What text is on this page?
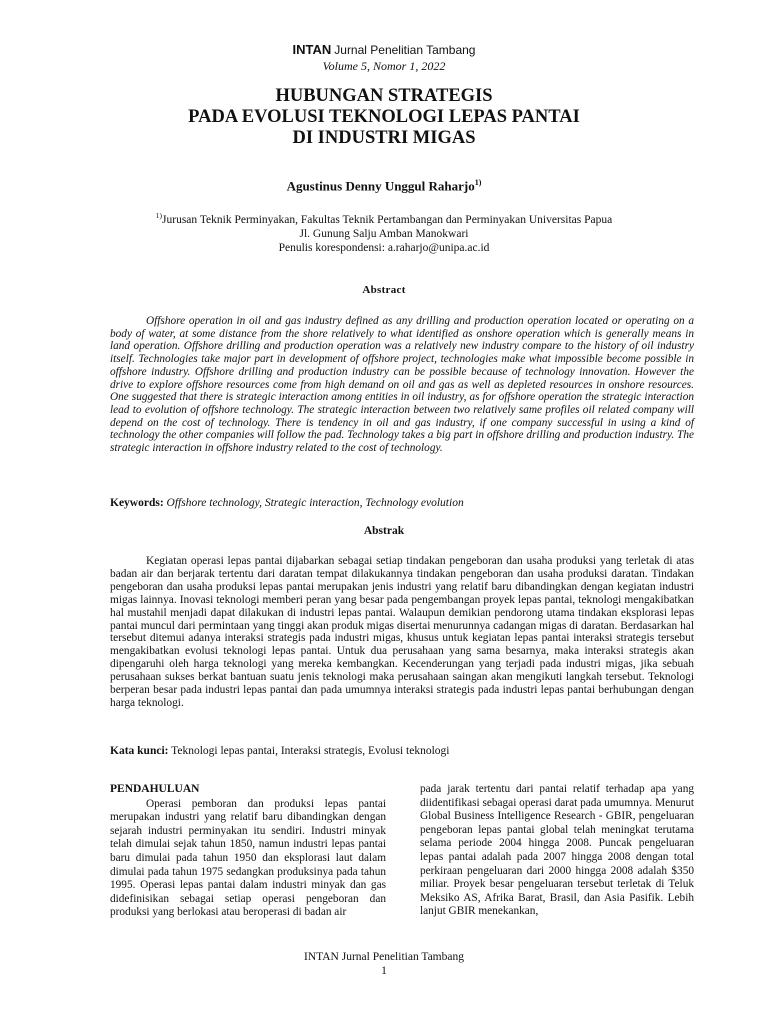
INTAN Jurnal Penelitian Tambang
Volume 5, Nomor 1, 2022
HUBUNGAN STRATEGIS
PADA EVOLUSI TEKNOLOGI LEPAS PANTAI
DI INDUSTRI MIGAS
Agustinus Denny Unggul Raharjo$^{1)}$
$^{1)}$Jurusan Teknik Perminyakan, Fakultas Teknik Pertambangan dan Perminyakan Universitas Papua
Jl. Gunung Salju Amban Manokwari
Penulis korespondensi: a.raharjo@unipa.ac.id
Abstract
Offshore operation in oil and gas industry defined as any drilling and production operation located or operating on a body of water, at some distance from the shore relatively to what identified as onshore operation which is generally means in land operation. Offshore drilling and production operation was a relatively new industry compare to the history of oil industry itself. Technologies take major part in development of offshore project, technologies make what impossible become possible in offshore industry. Offshore drilling and production industry can be possible because of technology innovation. However the drive to explore offshore resources come from high demand on oil and gas as well as depleted resources in onshore resources. One suggested that there is strategic interaction among entities in oil industry, as for offshore operation the strategic interaction lead to evolution of offshore technology. The strategic interaction between two relatively same profiles oil related company will depend on the cost of technology. There is tendency in oil and gas industry, if one company successful in using a kind of technology the other companies will follow the pad. Technology takes a big part in offshore drilling and production industry. The strategic interaction in offshore industry related to the cost of technology.
Keywords: Offshore technology, Strategic interaction, Technology evolution
Abstrak
Kegiatan operasi lepas pantai dijabarkan sebagai setiap tindakan pengeboran dan usaha produksi yang terletak di atas badan air dan berjarak tertentu dari daratan tempat dilakukannya tindakan pengeboran dan usaha produksi daratan. Tindakan pengeboran dan usaha produksi lepas pantai merupakan jenis industri yang relatif baru dibandingkan dengan kegiatan industri migas lainnya. Inovasi teknologi memberi peran yang besar pada pengembangan proyek lepas pantai, teknologi mengakibatkan hal mustahil menjadi dapat dilakukan di industri lepas pantai. Walaupun demikian pendorong utama tindakan eksplorasi lepas pantai muncul dari permintaan yang tinggi akan produk migas disertai menurunnya cadangan migas di daratan. Berdasarkan hal tersebut ditemui adanya interaksi strategis pada industri migas, khusus untuk kegiatan lepas pantai interaksi strategis tersebut mengakibatkan evolusi teknologi lepas pantai. Untuk dua perusahaan yang sama besarnya, maka interaksi strategis akan dipengaruhi oleh harga teknologi yang mereka kembangkan. Kecenderungan yang terjadi pada industri migas, jika sebuah perusahaan sukses berkat bantuan suatu jenis teknologi maka perusahaan saingan akan mengikuti langkah tersebut. Teknologi berperan besar pada industri lepas pantai dan pada umumnya interaksi strategis pada industri lepas pantai berhubungan dengan harga teknologi.
Kata kunci: Teknologi lepas pantai, Interaksi strategis, Evolusi teknologi
PENDAHULUAN
Operasi pemboran dan produksi lepas pantai merupakan industri yang relatif baru dibandingkan dengan sejarah industri perminyakan itu sendiri. Industri minyak telah dimulai sejak tahun 1850, namun industri lepas pantai baru dimulai pada tahun 1950 dan eksplorasi laut dalam dimulai pada tahun 1975 sedangkan produksinya pada tahun 1995. Operasi lepas pantai dalam industri minyak dan gas didefinisikan sebagai setiap operasi pengeboran dan produksi yang berlokasi atau beroperasi di badan air
pada jarak tertentu dari pantai relatif terhadap apa yang diidentifikasi sebagai operasi darat pada umumnya. Menurut Global Business Intelligence Research - GBIR, pengeluaran pengeboran lepas pantai global telah meningkat terutama selama periode 2004 hingga 2008. Puncak pengeluaran lepas pantai adalah pada 2007 hingga 2008 dengan total perkiraan pengeluaran dari 2000 hingga 2008 adalah $350 miliar. Proyek besar pengeluaran tersebut terletak di Teluk Meksiko AS, Afrika Barat, Brasil, dan Asia Pasifik. Lebih lanjut GBIR menekankan,
INTAN Jurnal Penelitian Tambang
1
